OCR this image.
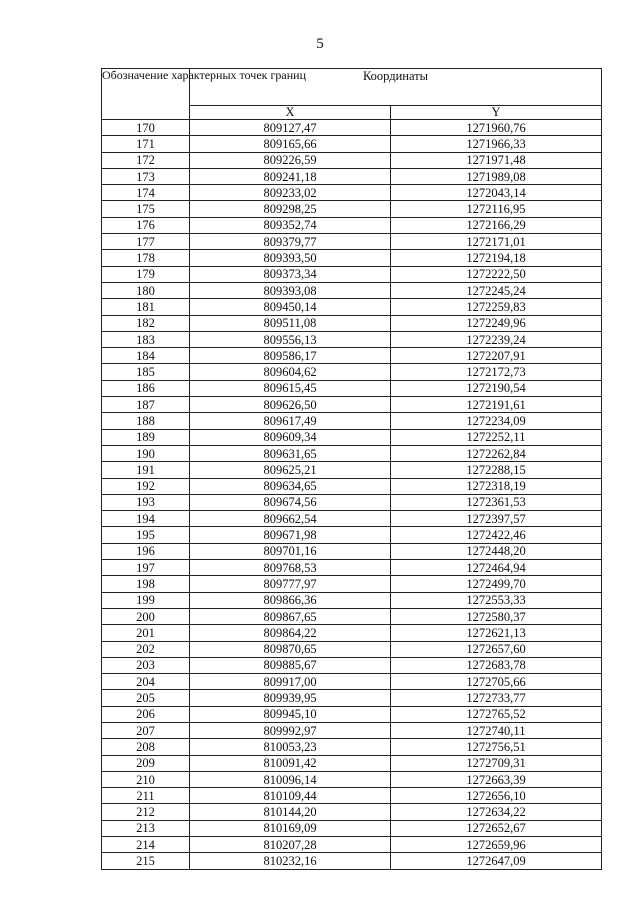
5
Обозначение характерных точек границ	Координаты	
	X	Y
170	809127,47	1271960,76
171	809165,66	1271966,33
172	809226,59	1271971,48
173	809241,18	1271989,08
174	809233,02	1272043,14
175	809298,25	1272116,95
176	809352,74	1272166,29
177	809379,77	1272171,01
178	809393,50	1272194,18
179	809373,34	1272222,50
180	809393,08	1272245,24
181	809450,14	1272259,83
182	809511,08	1272249,96
183	809556,13	1272239,24
184	809586,17	1272207,91
185	809604,62	1272172,73
186	809615,45	1272190,54
187	809626,50	1272191,61
188	809617,49	1272234,09
189	809609,34	1272252,11
190	809631,65	1272262,84
191	809625,21	1272288,15
192	809634,65	1272318,19
193	809674,56	1272361,53
194	809662,54	1272397,57
195	809671,98	1272422,46
196	809701,16	1272448,20
197	809768,53	1272464,94
198	809777,97	1272499,70
199	809866,36	1272553,33
200	809867,65	1272580,37
201	809864,22	1272621,13
202	809870,65	1272657,60
203	809885,67	1272683,78
204	809917,00	1272705,66
205	809939,95	1272733,77
206	809945,10	1272765,52
207	809992,97	1272740,11
208	810053,23	1272756,51
209	810091,42	1272709,31
210	810096,14	1272663,39
211	810109,44	1272656,10
212	810144,20	1272634,22
213	810169,09	1272652,67
214	810207,28	1272659,96
215	810232,16	1272647,09
